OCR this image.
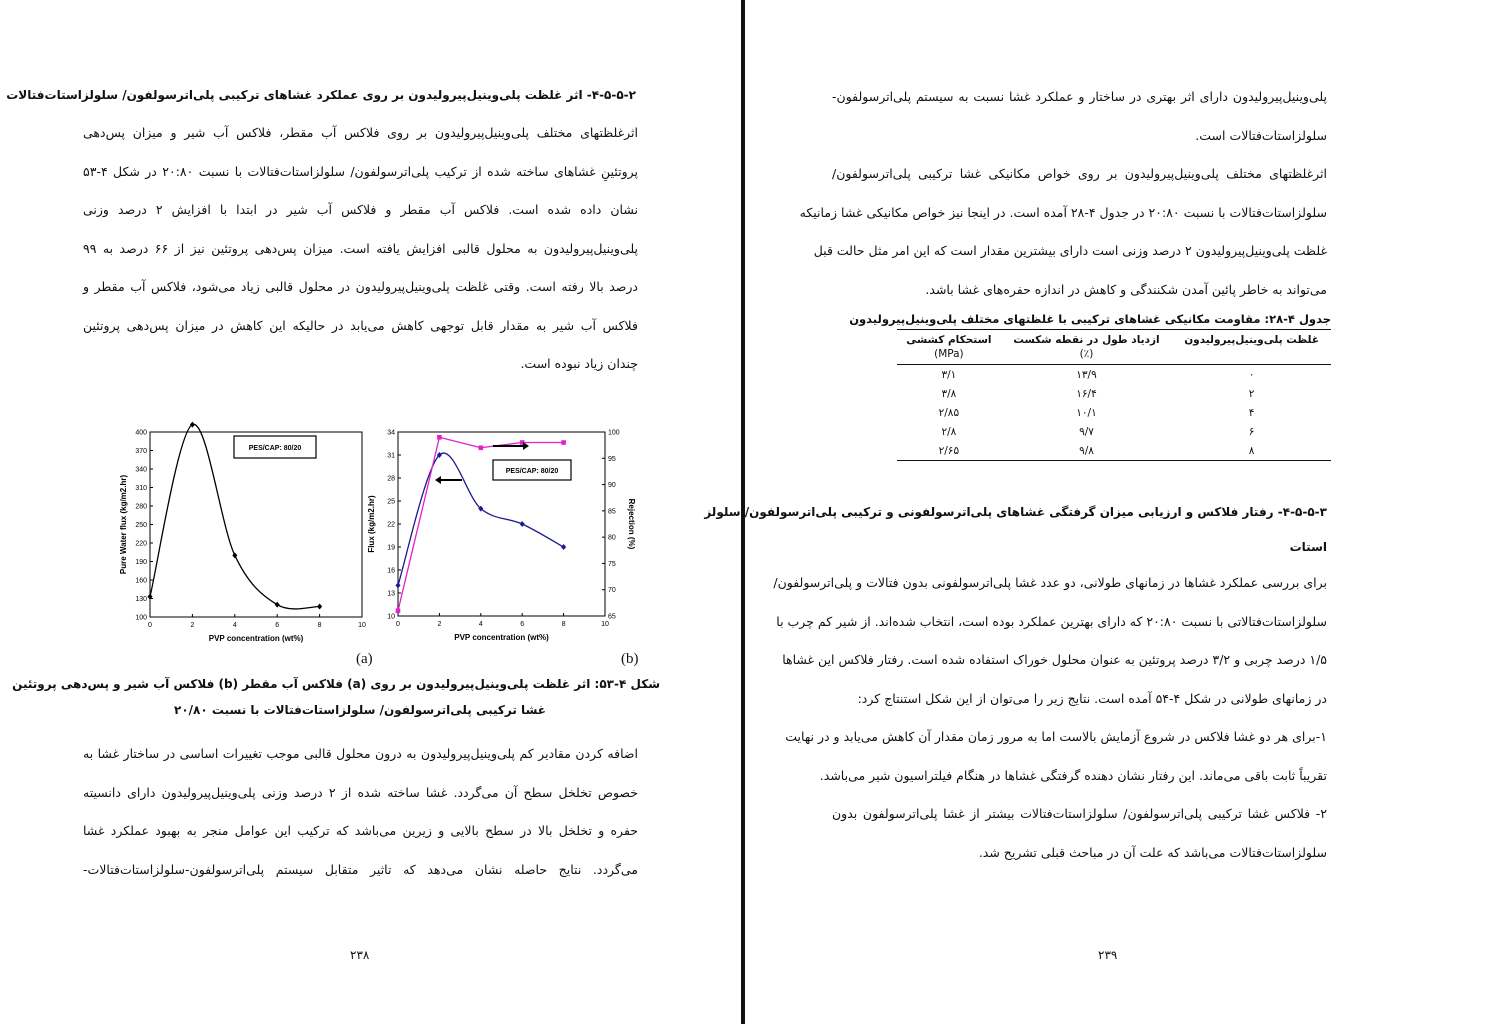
۴-۵-۵-۲- اثر غلظت پلی‌وینیل‌پیرولیدون بر روی عملکرد غشاهای ترکیبی پلی‌اترسولفون/ سلولزاستات‌فتالات
اثرغلظتهای مختلف پلی‌وینیل‌پیرولیدون بر روی فلاکس آب مقطر، فلاکس آب شیر و میزان پس‌دهی
پروتئینِ غشاهای ساخته شده از ترکیب پلی‌اترسولفون/ سلولزاستات‌فتالات با نسبت ۲۰:۸۰ در شکل ۴-۵۳
نشان داده شده است. فلاکس آب مقطر و فلاکس آب شیر در ابتدا با افزایش ۲ درصد وزنی
پلی‌وینیل‌پیرولیدون به محلول قالبی افزایش یافته است. میزان پس‌دهی پروتئین نیز از ۶۶ درصد به ۹۹
درصد بالا رفته است. وقتی غلظت پلی‌وینیل‌پیرولیدون در محلول قالبی زیاد می‌شود، فلاکس آب مقطر و
فلاکس آب شیر به مقدار قابل توجهی کاهش می‌یابد در حالیکه این کاهش در میزان پس‌دهی پروتئین
چندان زیاد نبوده است.
0	2	4	6	8	10
100
130
160
190
220
250
280
310
340
370
400
PVP concentration (wt%)
Pure Water flux (kg/m2.hr)
PES/CAP: 80/20
(a)
0	2	4	6	8	10
10
13
16
19
22
25
28
31
34
65
70
75
80
85
90
95
100
PVP concentration (wt%)
Flux (kg/m2.hr)	Rejection (%)
PES/CAP: 80/20
(b)
شکل ۴-۵۳: اثر غلظت پلی‌وینیل‌پیرولیدون بر روی (a) فلاکس آب مقطر (b) فلاکس آب شیر و پس‌دهی پروتئین
غشا ترکیبی پلی‌اترسولفون/ سلولزاستات‌فتالات با نسبت ۲۰/۸۰
اضافه کردن مقادیر کم پلی‌وینیل‌پیرولیدون به درون محلول قالبی موجب تغییرات اساسی در ساختار غشا به
خصوص تخلخل سطح آن می‌گردد. غشا ساخته شده از ۲ درصد وزنی پلی‌وینیل‌پیرولیدون دارای دانسیته
حفره و تخلخل بالا در سطح بالایی و زیرین می‌باشد که ترکیب این عوامل منجر به بهبود عملکرد غشا
می‌گردد. نتایج حاصله نشان می‌دهد که تاثیر متقابل سیستم پلی‌اترسولفون-سلولزاستات‌فتالات-
۲۳۸
پلی‌وینیل‌پیرولیدون دارای اثر بهتری در ساختار و عملکرد غشا نسبت به سیستم پلی‌اترسولفون-
سلولزاستات‌فتالات است.
اثرغلظتهای مختلف پلی‌وینیل‌پیرولیدون بر روی خواص مکانیکی غشا ترکیبی پلی‌اترسولفون/
سلولزاستات‌فتالات با نسبت ۲۰:۸۰ در جدول ۴-۲۸ آمده است. در اینجا نیز خواص مکانیکی غشا زمانیکه
غلظت پلی‌وینیل‌پیرولیدون ۲ درصد وزنی است دارای بیشترین مقدار است که این امر مثل حالت قبل
می‌تواند به خاطر پائین آمدن شکنندگی و کاهش در اندازه حفره‌های غشا باشد.
جدول ۴-۲۸: مقاومت مکانیکی غشاهای ترکیبی با غلظتهای مختلف پلی‌وینیل‌پیرولیدون
غلظت پلی‌وینیل‌پیرولیدون	ازدیاد طول در نقطه شکست	استحکام کششی
	(٪)	(MPa)
۰	۱۳/۹	۳/۱
۲	۱۶/۴	۳/۸
۴	۱۰/۱	۲/۸۵
۶	۹/۷	۲/۸
۸	۹/۸	۲/۶۵
۴-۵-۵-۳- رفتار فلاکس و ارزیابی میزان گرفتگی غشاهای پلی‌اترسولفونی و ترکیبی پلی‌اترسولفون/ سلولز
استات
برای بررسی عملکرد غشاها در زمانهای طولانی، دو عدد غشا پلی‌اترسولفونی بدون فتالات و پلی‌اترسولفون/
سلولزاستات‌فتالاتی با نسبت ۲۰:۸۰ که دارای بهترین عملکرد بوده است، انتخاب شده‌اند. از شیر کم چرب با
۱/۵ درصد چربی و ۳/۲ درصد پروتئین به عنوان محلول خوراک استفاده شده است. رفتار فلاکس این غشاها
در زمانهای طولانی در شکل ۴-۵۴ آمده است. نتایج زیر را می‌توان از این شکل استنتاج کرد:
۱-برای هر دو غشا فلاکس در شروع آزمایش بالاست اما به مرور زمان مقدار آن کاهش می‌یابد و در نهایت
تقریباً ثابت باقی می‌ماند. این رفتار نشان دهنده گرفتگی غشاها در هنگام فیلتراسیون شیر می‌باشد.
۲- فلاکس غشا ترکیبی پلی‌اترسولفون/ سلولزاستات‌فتالات بیشتر از غشا پلی‌اترسولفون بدون
سلولزاستات‌فتالات می‌باشد که علت آن در مباحث قبلی تشریح شد.
۲۳۹
